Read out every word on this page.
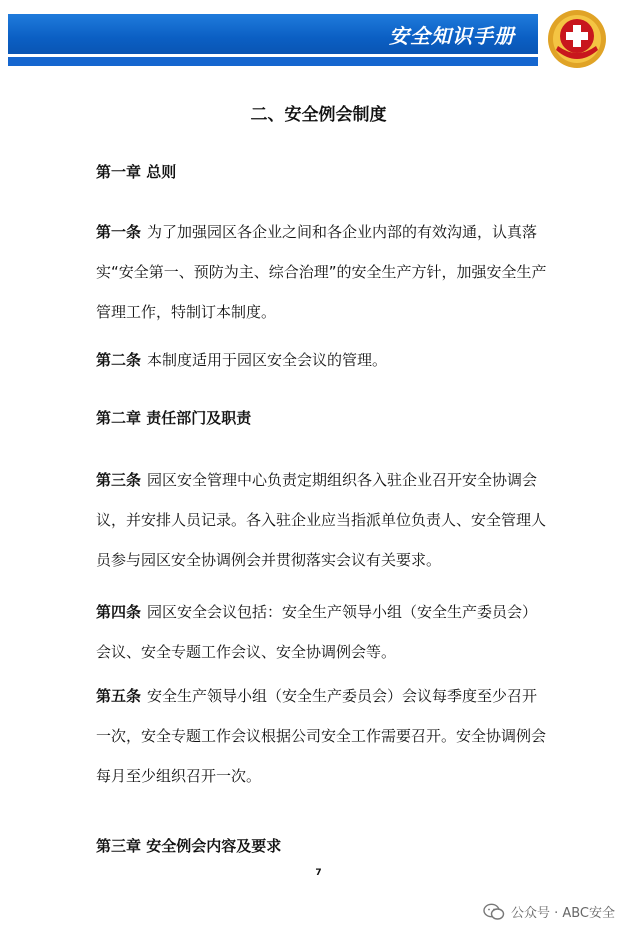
安全知识手册
二、安全例会制度

第一章 总则

第一条 为了加强园区各企业之间和各企业内部的有效沟通，认真落实“安全第一、预防为主、综合治理”的安全生产方针，加强安全生产管理工作，特制订本制度。

第二条 本制度适用于园区安全会议的管理。

第二章 责任部门及职责

第三条 园区安全管理中心负责定期组织各入驻企业召开安全协调会议，并安排人员记录。各入驻企业应当指派单位负责人、安全管理人员参与园区安全协调例会并贯彻落实会议有关要求。

第四条 园区安全会议包括：安全生产领导小组（安全生产委员会）会议、安全专题工作会议、安全协调例会等。

第五条 安全生产领导小组（安全生产委员会）会议每季度至少召开一次，安全专题工作会议根据公司安全工作需要召开。安全协调例会每月至少组织召开一次。

第三章 安全例会内容及要求

7
公众号 · ABC安全
